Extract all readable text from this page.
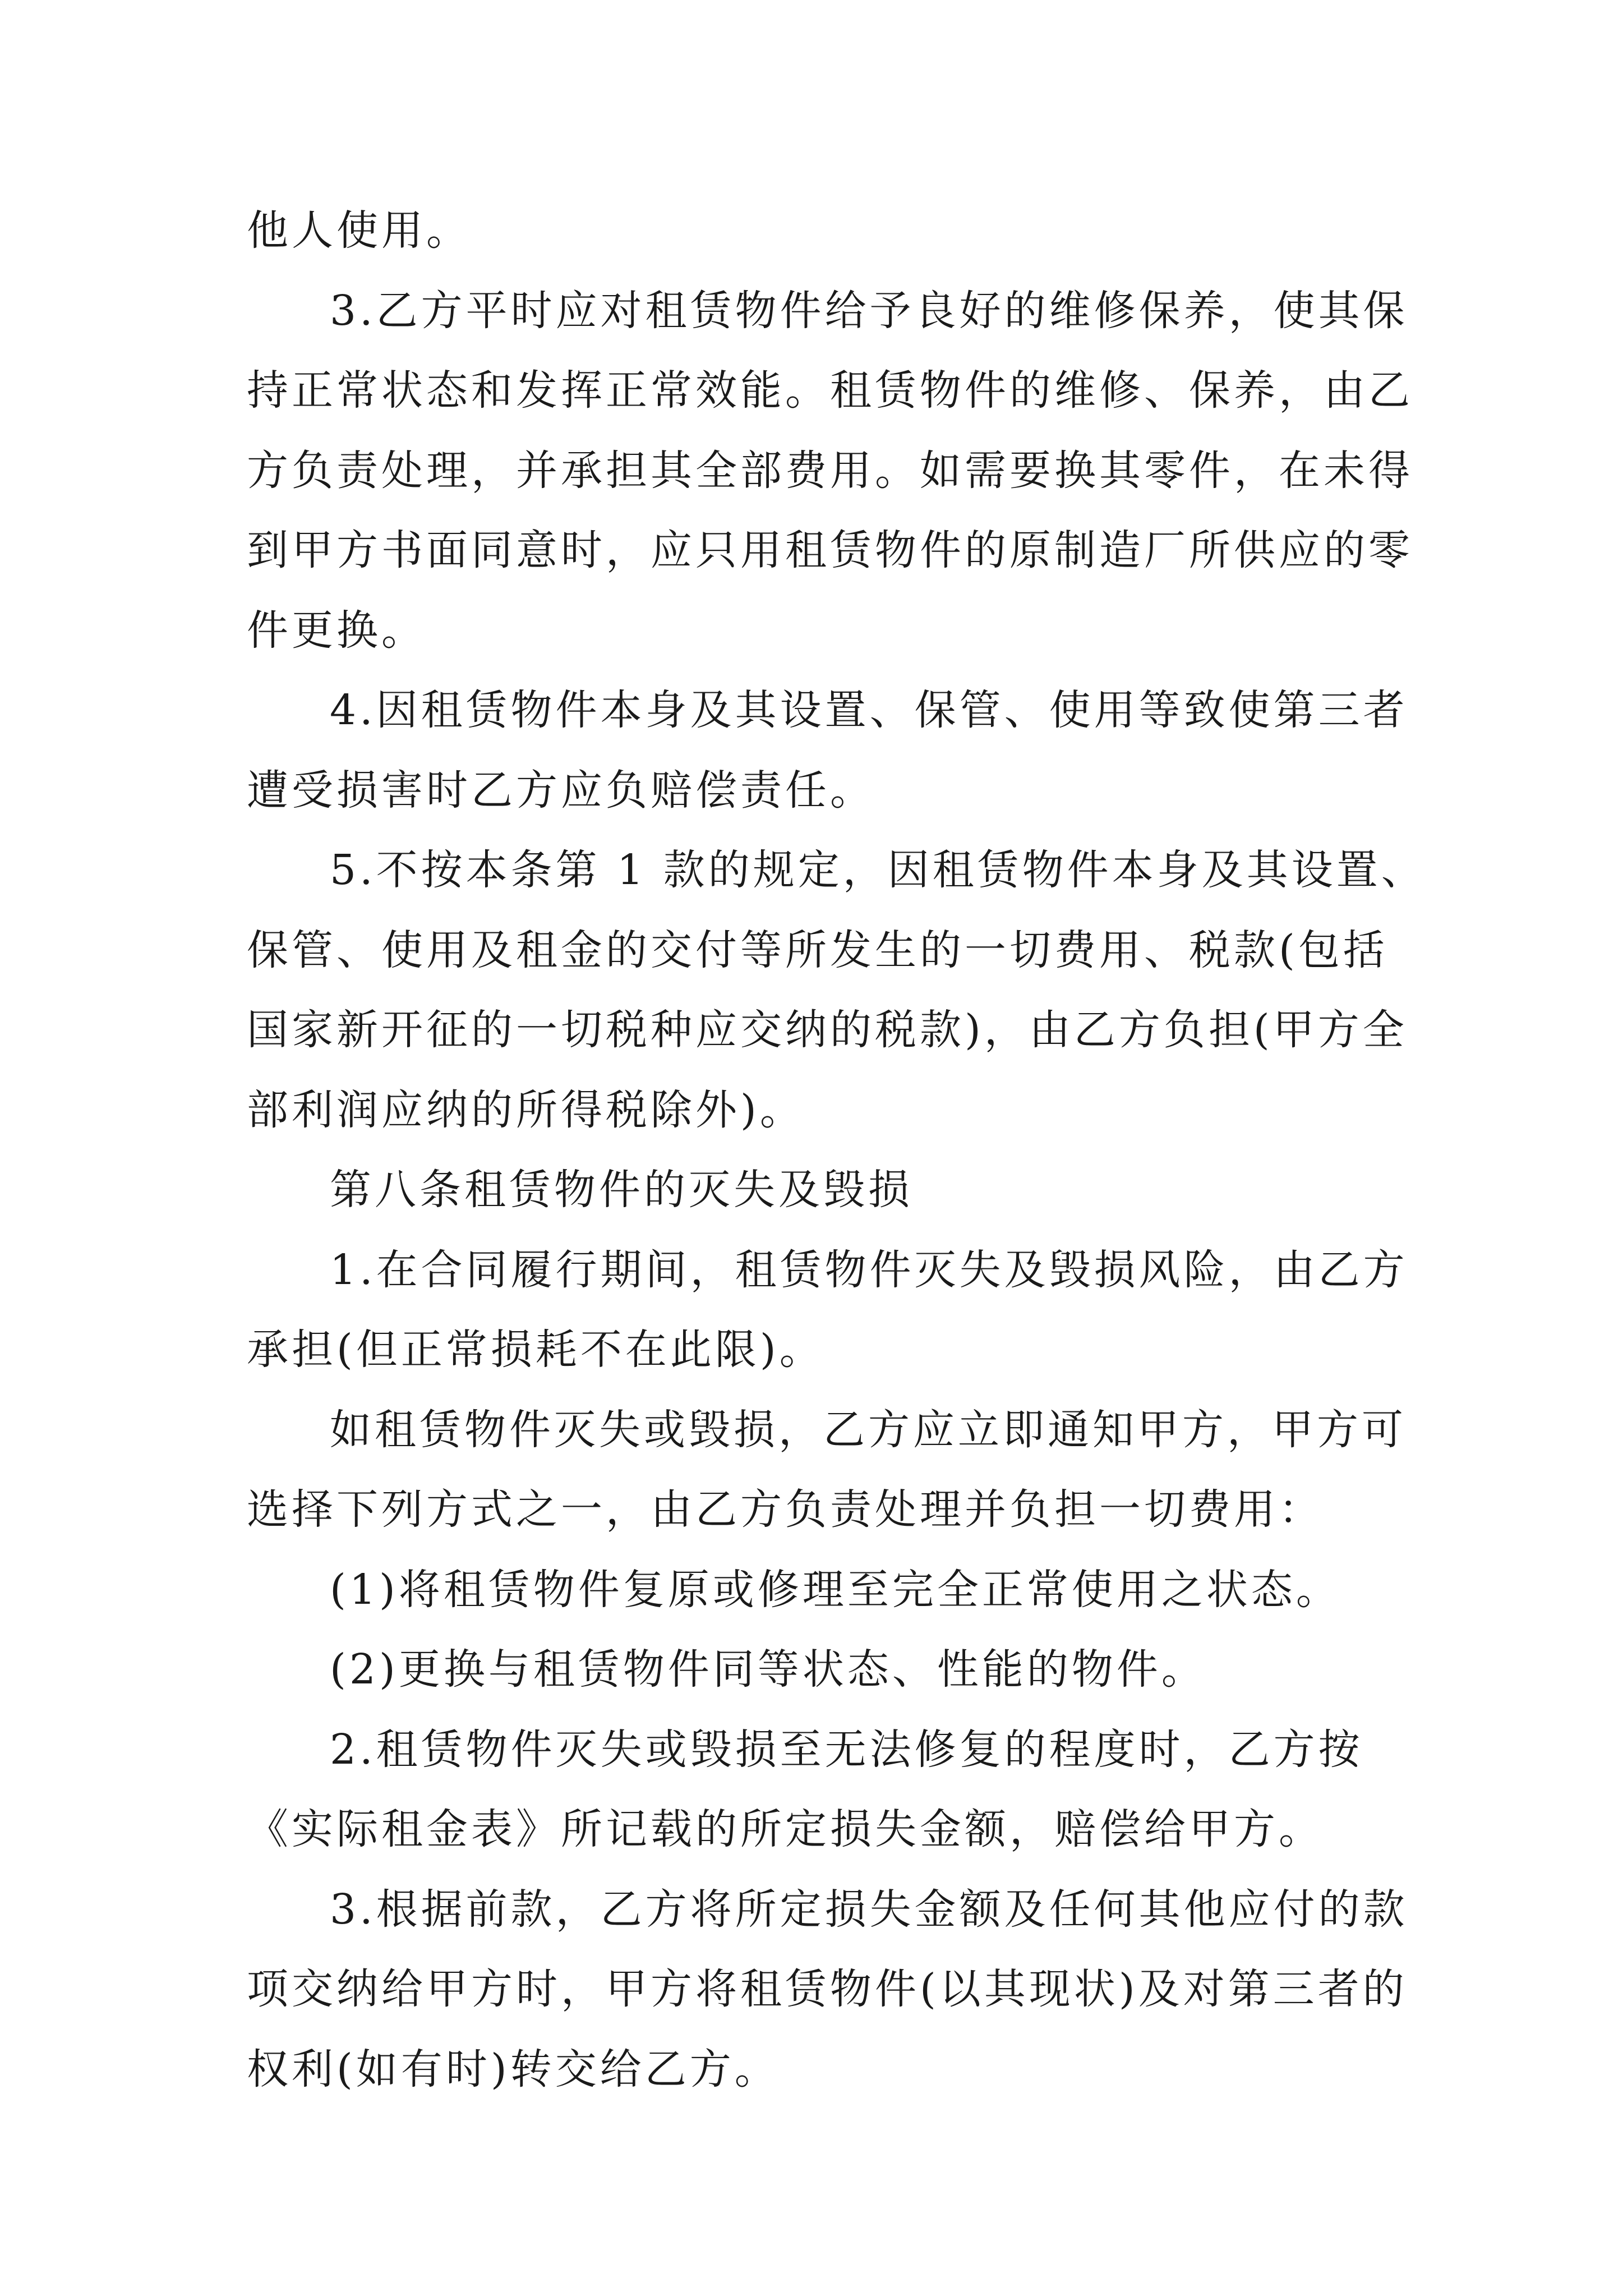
他人使用。
3.乙方平时应对租赁物件给予良好的维修保养，使其保
持正常状态和发挥正常效能。租赁物件的维修、保养，由乙
方负责处理，并承担其全部费用。如需要换其零件，在未得
到甲方书面同意时，应只用租赁物件的原制造厂所供应的零
件更换。
4.因租赁物件本身及其设置、保管、使用等致使第三者
遭受损害时乙方应负赔偿责任。
5.不按本条第 1 款的规定，因租赁物件本身及其设置、
保管、使用及租金的交付等所发生的一切费用、税款(包括
国家新开征的一切税种应交纳的税款)，由乙方负担(甲方全
部利润应纳的所得税除外)。
第八条租赁物件的灭失及毁损
1.在合同履行期间，租赁物件灭失及毁损风险，由乙方
承担(但正常损耗不在此限)。
如租赁物件灭失或毁损，乙方应立即通知甲方，甲方可
选择下列方式之一，由乙方负责处理并负担一切费用：
(1)将租赁物件复原或修理至完全正常使用之状态。
(2)更换与租赁物件同等状态、性能的物件。
2.租赁物件灭失或毁损至无法修复的程度时，乙方按
《实际租金表》所记载的所定损失金额，赔偿给甲方。
3.根据前款，乙方将所定损失金额及任何其他应付的款
项交纳给甲方时，甲方将租赁物件(以其现状)及对第三者的
权利(如有时)转交给乙方。
